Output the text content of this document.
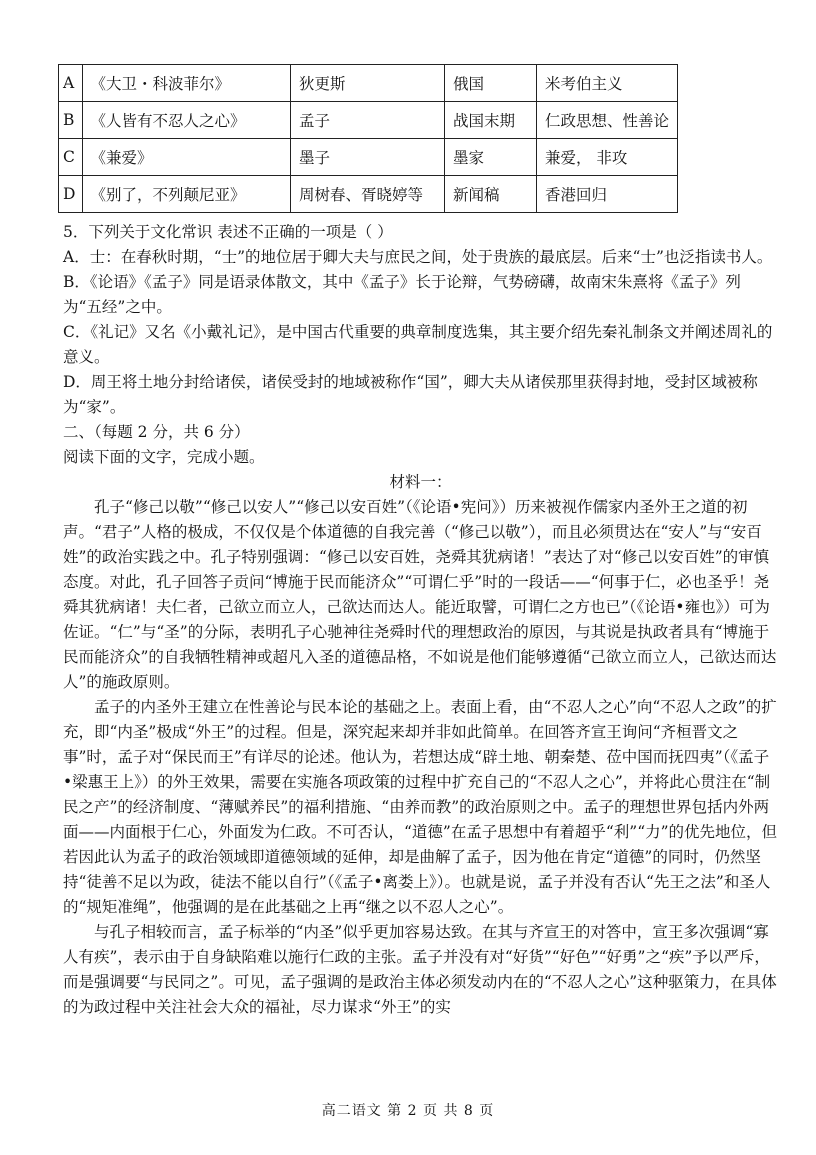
A	《大卫・科波菲尔》	狄更斯	俄国	米考伯主义
B	《人皆有不忍人之心》	孟子	战国末期	仁政思想、性善论
C	《兼爱》	墨子	墨家	兼爱， 非攻
D	《别了，不列颠尼亚》	周树春、胥晓婷等	新闻稿	香港回归

5．下列关于文化常识 表述不正确的一项是（ ）

A．士：在春秋时期，“士”的地位居于卿大夫与庶民之间，处于贵族的最底层。后来“士”也泛指读书人。

B．《论语》《孟子》同是语录体散文，其中《孟子》长于论辩，气势磅礴，故南宋朱熹将《孟子》列为“五经”之中。

C．《礼记》又名《小戴礼记》，是中国古代重要的典章制度选集，其主要介绍先秦礼制条文并阐述周礼的意义。

D．周王将土地分封给诸侯，诸侯受封的地域被称作“国”，卿大夫从诸侯那里获得封地，受封区域被称为“家”。

二、（每题 2 分，共 6 分）

阅读下面的文字，完成小题。

材料一：

孔子“修己以敬”“修己以安人”“修己以安百姓”（《论语•宪问》）历来被视作儒家内圣外王之道的初声。“君子”人格的极成，不仅仅是个体道德的自我完善（“修己以敬”），而且必须贯达在“安人”与“安百姓”的政治实践之中。孔子特别强调：“修己以安百姓，尧舜其犹病诸！”表达了对“修己以安百姓”的审慎态度。对此，孔子回答子贡问“博施于民而能济众”“可谓仁乎”时的一段话——“何事于仁，必也圣乎！尧舜其犹病诸！夫仁者，己欲立而立人，己欲达而达人。能近取譬，可谓仁之方也已”（《论语•雍也》）可为佐证。“仁”与“圣”的分际，表明孔子心驰神往尧舜时代的理想政治的原因，与其说是执政者具有“博施于民而能济众”的自我牺牲精神或超凡入圣的道德品格，不如说是他们能够遵循“己欲立而立人，己欲达而达人”的施政原则。

孟子的内圣外王建立在性善论与民本论的基础之上。表面上看，由“不忍人之心”向“不忍人之政”的扩充，即“内圣”极成“外王”的过程。但是，深究起来却并非如此简单。在回答齐宣王询问“齐桓晋文之事”时，孟子对“保民而王”有详尽的论述。他认为，若想达成“辟土地、朝秦楚、莅中国而抚四夷”（《孟子•梁惠王上》）的外王效果，需要在实施各项政策的过程中扩充自己的“不忍人之心”，并将此心贯注在“制民之产”的经济制度、“薄赋养民”的福利措施、“由养而教”的政治原则之中。孟子的理想世界包括内外两面——内面根于仁心，外面发为仁政。不可否认，“道德”在孟子思想中有着超乎“利”“力”的优先地位，但若因此认为孟子的政治领域即道德领域的延伸，却是曲解了孟子，因为他在肯定“道德”的同时，仍然坚持“徒善不足以为政，徒法不能以自行”（《孟子•离娄上》）。也就是说，孟子并没有否认“先王之法”和圣人的“规矩准绳”，他强调的是在此基础之上再“继之以不忍人之心”。

与孔子相较而言，孟子标举的“内圣”似乎更加容易达致。在其与齐宣王的对答中，宣王多次强调“寡人有疾”，表示由于自身缺陷难以施行仁政的主张。孟子并没有对“好货”“好色”“好勇”之“疾”予以严斥，而是强调要“与民同之”。可见，孟子强调的是政治主体必须发动内在的“不忍人之心”这种驱策力，在具体的为政过程中关注社会大众的福祉，尽力谋求“外王”的实

高二语文 第 2 页 共 8 页
